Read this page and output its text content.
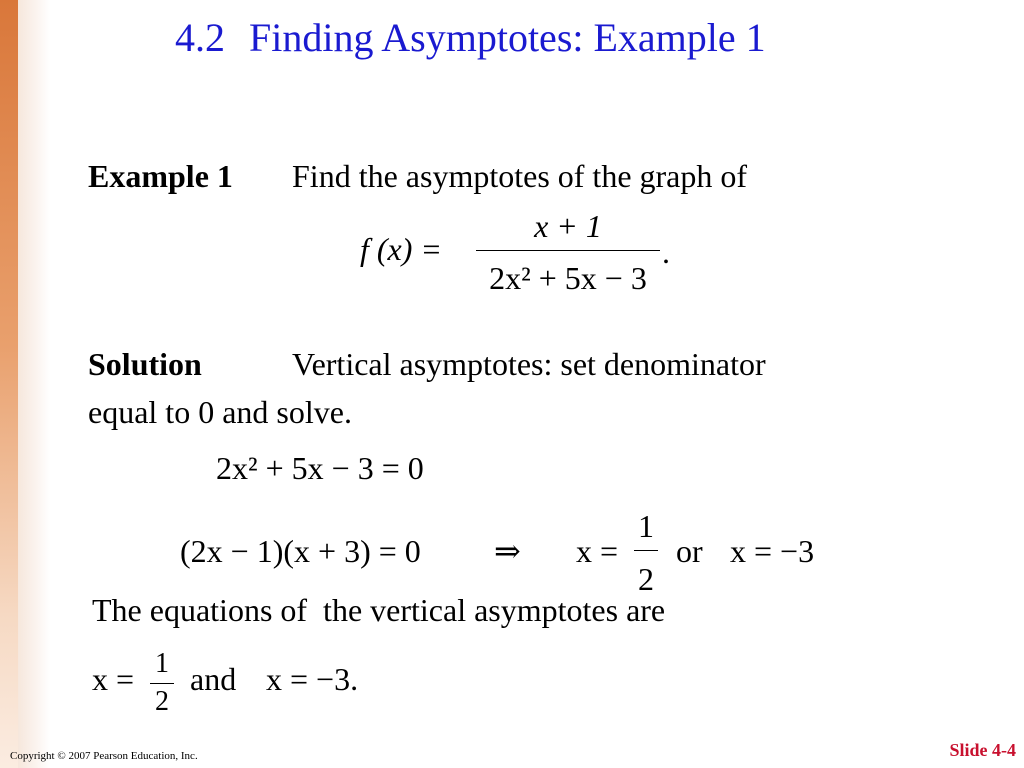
4.2 Finding Asymptotes: Example 1
Example 1 Find the asymptotes of the graph of
f (x) =
x + 1
2x² + 5x − 3
.
Solution	Vertical asymptotes: set denominator
equal to 0 and solve.
2x² + 5x − 3 = 0
(2x − 1)(x + 3) = 0 ⇒ x =
1
2
or x = −3
The equations of  the vertical asymptotes are
x = 1
2
and x = −3.
Copyright © 2007 Pearson Education, Inc.	Slide 4-4
